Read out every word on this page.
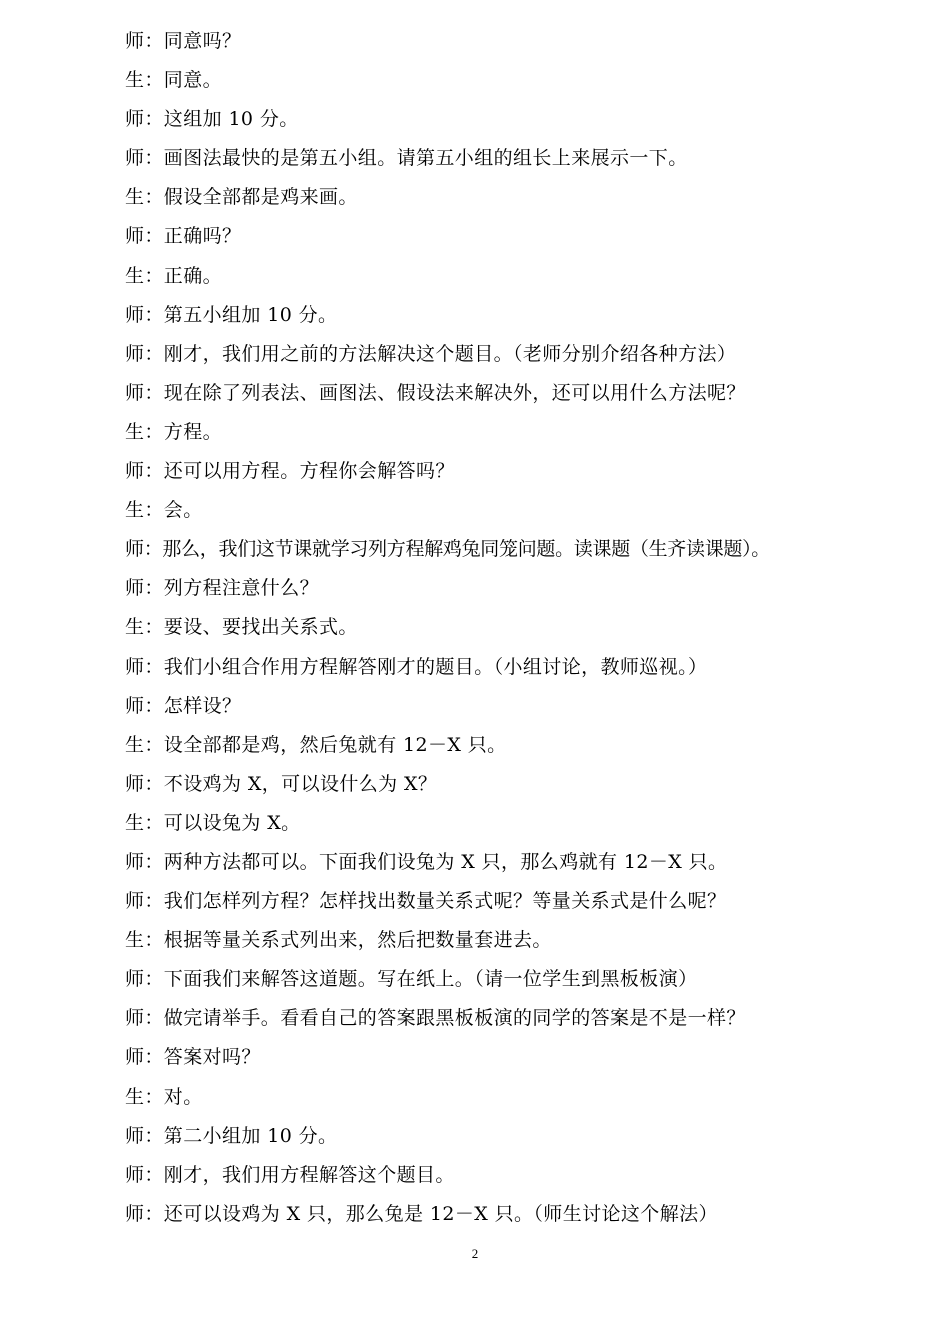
师：同意吗？
生：同意。
师：这组加 10 分。
师：画图法最快的是第五小组。请第五小组的组长上来展示一下。
生：假设全部都是鸡来画。
师：正确吗？
生：正确。
师：第五小组加 10 分。
师：刚才，我们用之前的方法解决这个题目。（老师分别介绍各种方法）
师：现在除了列表法、画图法、假设法来解决外，还可以用什么方法呢？
生：方程。
师：还可以用方程。方程你会解答吗？
生：会。
师：那么，我们这节课就学习列方程解鸡兔同笼问题。读课题（生齐读课题）。
师：列方程注意什么？
生：要设、要找出关系式。
师：我们小组合作用方程解答刚才的题目。（小组讨论，教师巡视。）
师：怎样设？
生：设全部都是鸡，然后兔就有 12－X 只。
师：不设鸡为 X，可以设什么为 X？
生：可以设兔为 X。
师：两种方法都可以。下面我们设兔为 X 只，那么鸡就有 12－X 只。
师：我们怎样列方程？怎样找出数量关系式呢？等量关系式是什么呢？
生：根据等量关系式列出来，然后把数量套进去。
师：下面我们来解答这道题。写在纸上。（请一位学生到黑板板演）
师：做完请举手。看看自己的答案跟黑板板演的同学的答案是不是一样？
师：答案对吗？
生：对。
师：第二小组加 10 分。
师：刚才，我们用方程解答这个题目。
师：还可以设鸡为 X 只，那么兔是 12－X 只。（师生讨论这个解法）
2
